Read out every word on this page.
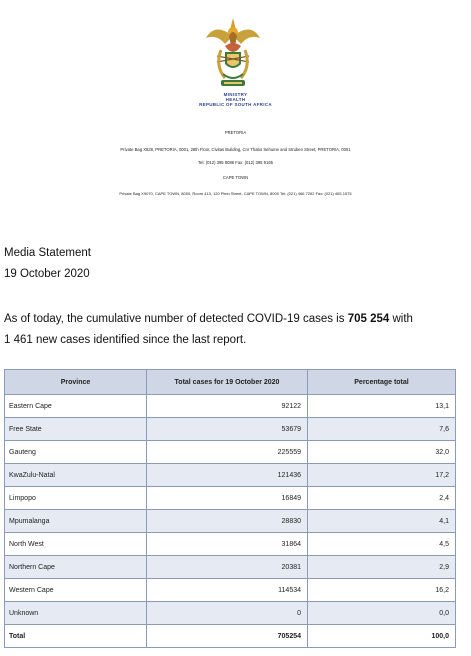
MINISTRY
HEALTH
REPUBLIC OF SOUTH AFRICA
PRETORIA
Private Bag X828, PRETORIA, 0001, 28th Floor, Civitas Building, Cnr Thabo Sehume and Struben Street, PRETORIA, 0001
Tel: (012) 395 8086 Fax: (012) 395 9165
CAPE TOWN
Private Bag X9070, CAPE TOWN, 8000, Room 413, 120 Plein Street, CAPE TOWN, 8000 Tel: (021) 466 7262 Fax: (021) 465 1575
Media Statement
19 October 2020
As of today, the cumulative number of detected COVID-19 cases is 705 254 with
1 461 new cases identified since the last report.
Province	Total cases for 19 October 2020	Percentage total
Eastern Cape	92122	13,1
Free State	53679	7,6
Gauteng	225559	32,0
KwaZulu-Natal	121436	17,2
Limpopo	16849	2,4
Mpumalanga	28830	4,1
North West	31864	4,5
Northern Cape	20381	2,9
Western Cape	114534	16,2
Unknown	0	0,0
Total	705254	100,0
